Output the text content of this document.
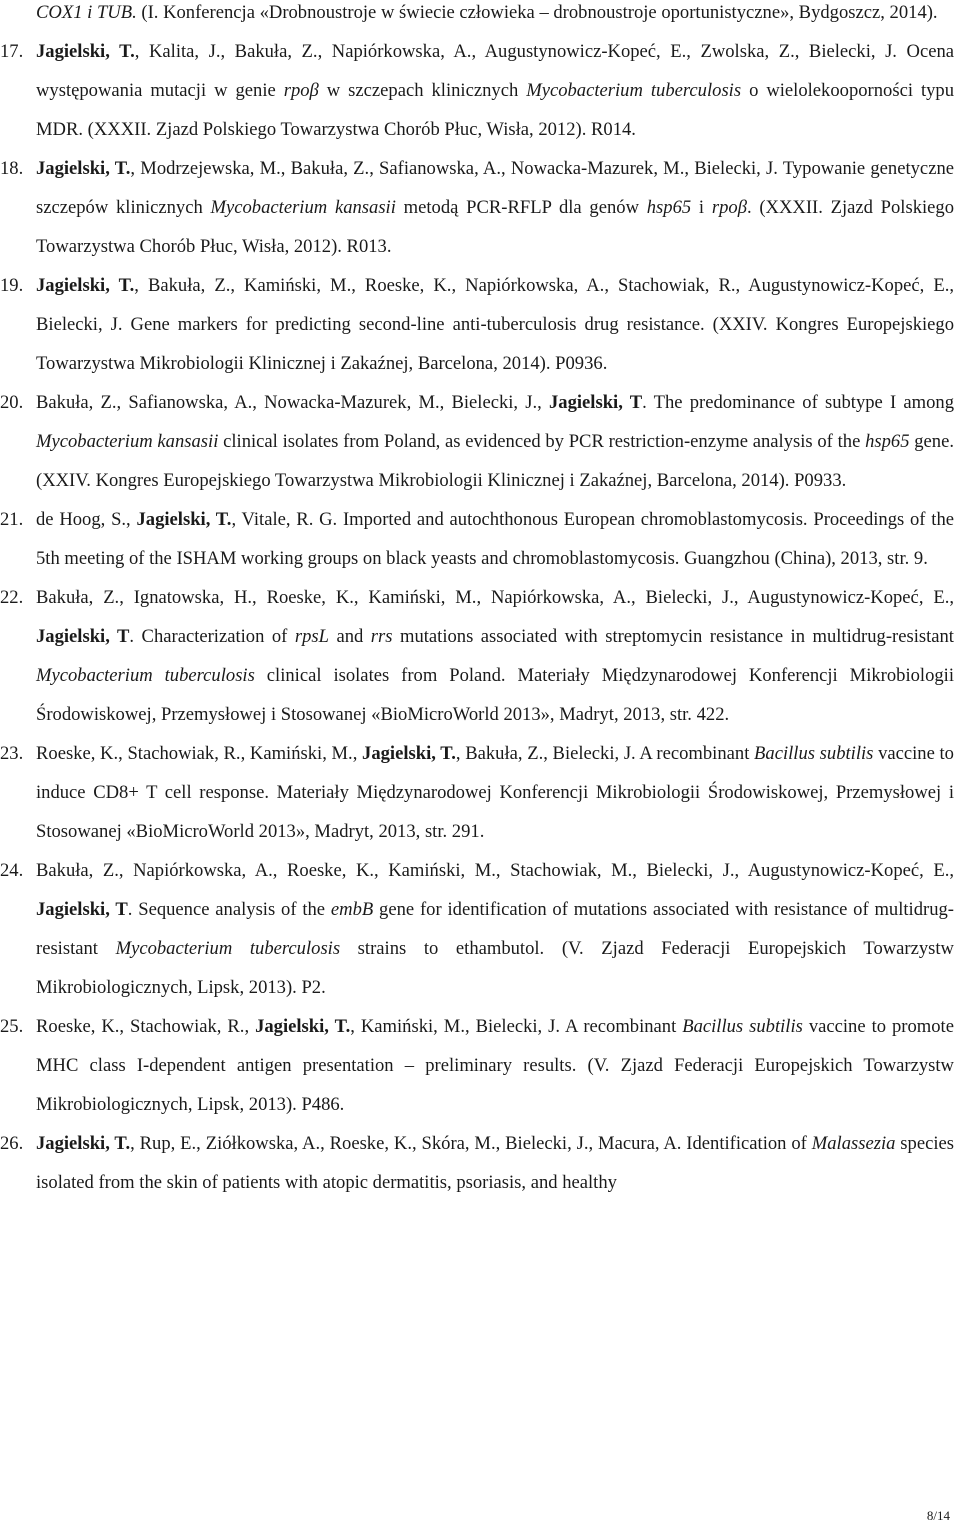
COX1 i TUB. (I. Konferencja «Drobnoustroje w świecie człowieka – drobnoustroje oportunistyczne», Bydgoszcz, 2014).
17. Jagielski, T., Kalita, J., Bakuła, Z., Napiórkowska, A., Augustynowicz-Kopeć, E., Zwolska, Z., Bielecki, J. Ocena występowania mutacji w genie rpoβ w szczepach klinicznych Mycobacterium tuberculosis o wielolekooporności typu MDR. (XXXII. Zjazd Polskiego Towarzystwa Chorób Płuc, Wisła, 2012). R014.
18. Jagielski, T., Modrzejewska, M., Bakuła, Z., Safianowska, A., Nowacka-Mazurek, M., Bielecki, J. Typowanie genetyczne szczepów klinicznych Mycobacterium kansasii metodą PCR-RFLP dla genów hsp65 i rpoβ. (XXXII. Zjazd Polskiego Towarzystwa Chorób Płuc, Wisła, 2012). R013.
19. Jagielski, T., Bakuła, Z., Kamiński, M., Roeske, K., Napiórkowska, A., Stachowiak, R., Augustynowicz-Kopeć, E., Bielecki, J. Gene markers for predicting second-line anti-tuberculosis drug resistance. (XXIV. Kongres Europejskiego Towarzystwa Mikrobiologii Klinicznej i Zakaźnej, Barcelona, 2014). P0936.
20. Bakuła, Z., Safianowska, A., Nowacka-Mazurek, M., Bielecki, J., Jagielski, T. The predominance of subtype I among Mycobacterium kansasii clinical isolates from Poland, as evidenced by PCR restriction-enzyme analysis of the hsp65 gene. (XXIV. Kongres Europejskiego Towarzystwa Mikrobiologii Klinicznej i Zakaźnej, Barcelona, 2014). P0933.
21. de Hoog, S., Jagielski, T., Vitale, R. G. Imported and autochthonous European chromoblastomycosis. Proceedings of the 5th meeting of the ISHAM working groups on black yeasts and chromoblastomycosis. Guangzhou (China), 2013, str. 9.
22. Bakuła, Z., Ignatowska, H., Roeske, K., Kamiński, M., Napiórkowska, A., Bielecki, J., Augustynowicz-Kopeć, E., Jagielski, T. Characterization of rpsL and rrs mutations associated with streptomycin resistance in multidrug-resistant Mycobacterium tuberculosis clinical isolates from Poland. Materiały Międzynarodowej Konferencji Mikrobiologii Środowiskowej, Przemysłowej i Stosowanej «BioMicroWorld 2013», Madryt, 2013, str. 422.
23. Roeske, K., Stachowiak, R., Kamiński, M., Jagielski, T., Bakuła, Z., Bielecki, J. A recombinant Bacillus subtilis vaccine to induce CD8+ T cell response. Materiały Międzynarodowej Konferencji Mikrobiologii Środowiskowej, Przemysłowej i Stosowanej «BioMicroWorld 2013», Madryt, 2013, str. 291.
24. Bakuła, Z., Napiórkowska, A., Roeske, K., Kamiński, M., Stachowiak, M., Bielecki, J., Augustynowicz-Kopeć, E., Jagielski, T. Sequence analysis of the embB gene for identification of mutations associated with resistance of multidrug-resistant Mycobacterium tuberculosis strains to ethambutol. (V. Zjazd Federacji Europejskich Towarzystw Mikrobiologicznych, Lipsk, 2013). P2.
25. Roeske, K., Stachowiak, R., Jagielski, T., Kamiński, M., Bielecki, J. A recombinant Bacillus subtilis vaccine to promote MHC class I-dependent antigen presentation – preliminary results. (V. Zjazd Federacji Europejskich Towarzystw Mikrobiologicznych, Lipsk, 2013). P486.
26. Jagielski, T., Rup, E., Ziółkowska, A., Roeske, K., Skóra, M., Bielecki, J., Macura, A. Identification of Malassezia species isolated from the skin of patients with atopic dermatitis, psoriasis, and healthy
8/14
